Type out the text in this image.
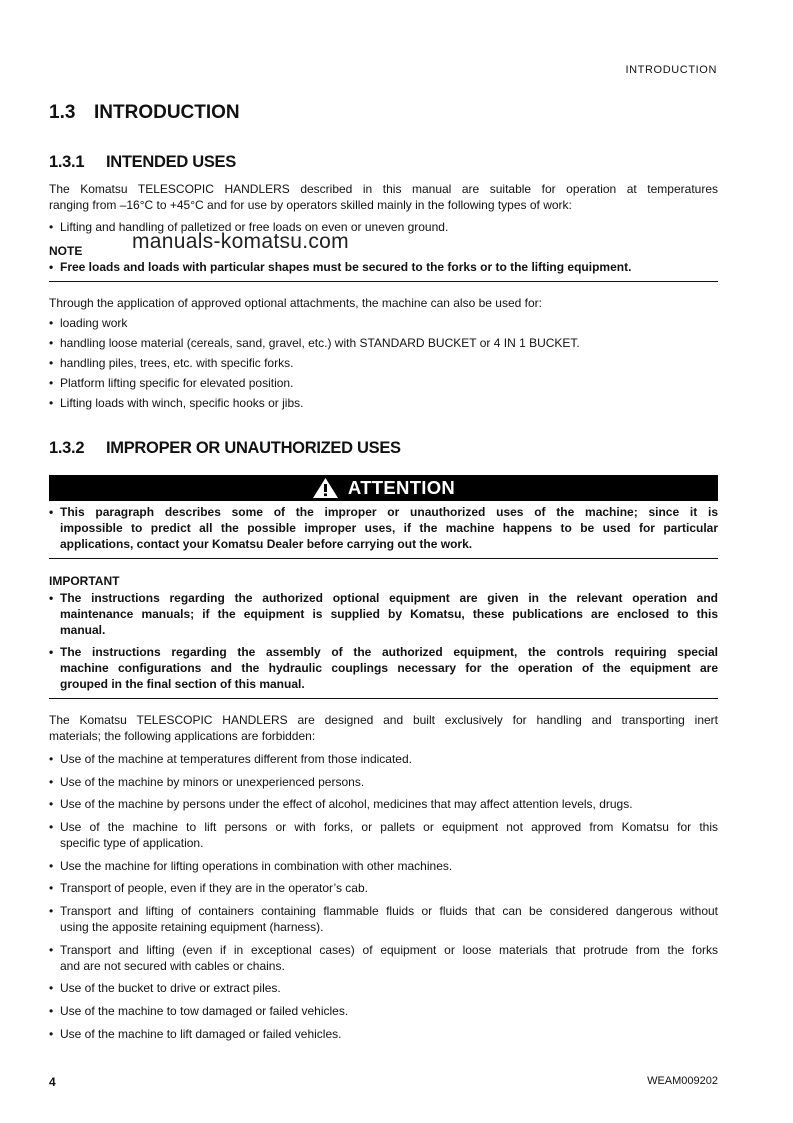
INTRODUCTION
1.3 INTRODUCTION
1.3.1 INTENDED USES
The Komatsu TELESCOPIC HANDLERS described in this manual are suitable for operation at temperatures
ranging from –16°C to +45°C and for use by operators skilled mainly in the following types of work:
• Lifting and handling of palletized or free loads on even or uneven ground.
manuals-komatsu.com
NOTE
• Free loads and loads with particular shapes must be secured to the forks or to the lifting equipment.
Through the application of approved optional attachments, the machine can also be used for:
• loading work
• handling loose material (cereals, sand, gravel, etc.) with STANDARD BUCKET or 4 IN 1 BUCKET.
• handling piles, trees, etc. with specific forks.
• Platform lifting specific for elevated position.
• Lifting loads with winch, specific hooks or jibs.
1.3.2 IMPROPER OR UNAUTHORIZED USES
ATTENTION
• This paragraph describes some of the improper or unauthorized uses of the machine; since it is
impossible to predict all the possible improper uses, if the machine happens to be used for particular
applications, contact your Komatsu Dealer before carrying out the work.
IMPORTANT
• The instructions regarding the authorized optional equipment are given in the relevant operation and
maintenance manuals; if the equipment is supplied by Komatsu, these publications are enclosed to this
manual.
• The instructions regarding the assembly of the authorized equipment, the controls requiring special
machine configurations and the hydraulic couplings necessary for the operation of the equipment are
grouped in the final section of this manual.
The Komatsu TELESCOPIC HANDLERS are designed and built exclusively for handling and transporting inert
materials; the following applications are forbidden:
• Use of the machine at temperatures different from those indicated.
• Use of the machine by minors or unexperienced persons.
• Use of the machine by persons under the effect of alcohol, medicines that may affect attention levels, drugs.
• Use of the machine to lift persons or with forks, or pallets or equipment not approved from Komatsu for this
specific type of application.
• Use the machine for lifting operations in combination with other machines.
• Transport of people, even if they are in the operator’s cab.
• Transport and lifting of containers containing flammable fluids or fluids that can be considered dangerous without
using the apposite retaining equipment (harness).
• Transport and lifting (even if in exceptional cases) of equipment or loose materials that protrude from the forks
and are not secured with cables or chains.
• Use of the bucket to drive or extract piles.
• Use of the machine to tow damaged or failed vehicles.
• Use of the machine to lift damaged or failed vehicles.
4	WEAM009202
